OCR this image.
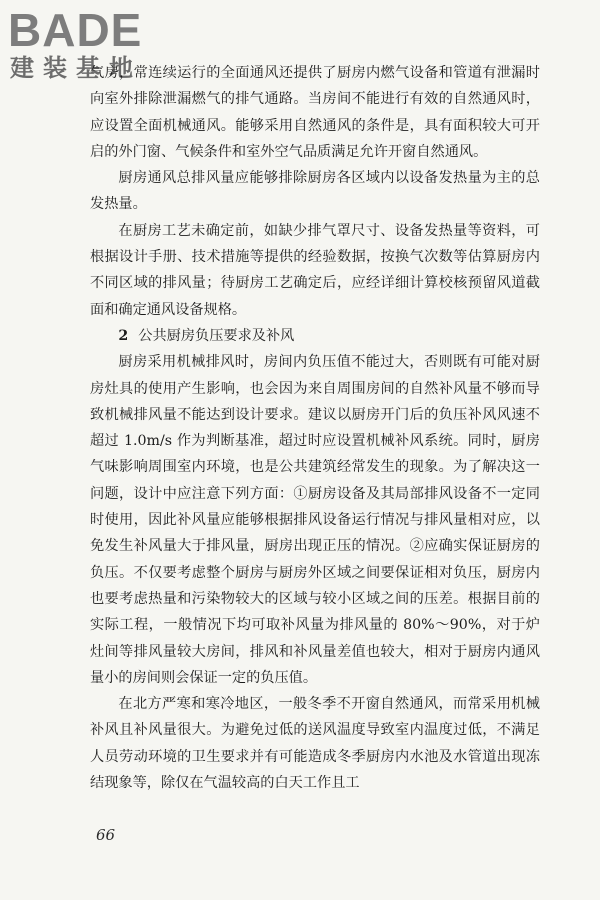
BADE
建装基地

气房，常连续运行的全面通风还提供了厨房内燃气设备和管道有泄漏时向室外排除泄漏燃气的排气通路。当房间不能进行有效的自然通风时，应设置全面机械通风。能够采用自然通风的条件是，具有面积较大可开启的外门窗、气候条件和室外空气品质满足允许开窗自然通风。

厨房通风总排风量应能够排除厨房各区域内以设备发热量为主的总发热量。

在厨房工艺未确定前，如缺少排气罩尺寸、设备发热量等资料，可根据设计手册、技术措施等提供的经验数据，按换气次数等估算厨房内不同区域的排风量；待厨房工艺确定后，应经详细计算校核预留风道截面和确定通风设备规格。

2 公共厨房负压要求及补风

厨房采用机械排风时，房间内负压值不能过大，否则既有可能对厨房灶具的使用产生影响，也会因为来自周围房间的自然补风量不够而导致机械排风量不能达到设计要求。建议以厨房开门后的负压补风风速不超过 1.0m/s 作为判断基准，超过时应设置机械补风系统。同时，厨房气味影响周围室内环境，也是公共建筑经常发生的现象。为了解决这一问题，设计中应注意下列方面：①厨房设备及其局部排风设备不一定同时使用，因此补风量应能够根据排风设备运行情况与排风量相对应，以免发生补风量大于排风量，厨房出现正压的情况。②应确实保证厨房的负压。不仅要考虑整个厨房与厨房外区域之间要保证相对负压，厨房内也要考虑热量和污染物较大的区域与较小区域之间的压差。根据目前的实际工程，一般情况下均可取补风量为排风量的 80%～90%，对于炉灶间等排风量较大房间，排风和补风量差值也较大，相对于厨房内通风量小的房间则会保证一定的负压值。

在北方严寒和寒冷地区，一般冬季不开窗自然通风，而常采用机械补风且补风量很大。为避免过低的送风温度导致室内温度过低，不满足人员劳动环境的卫生要求并有可能造成冬季厨房内水池及水管道出现冻结现象等，除仅在气温较高的白天工作且工

66
